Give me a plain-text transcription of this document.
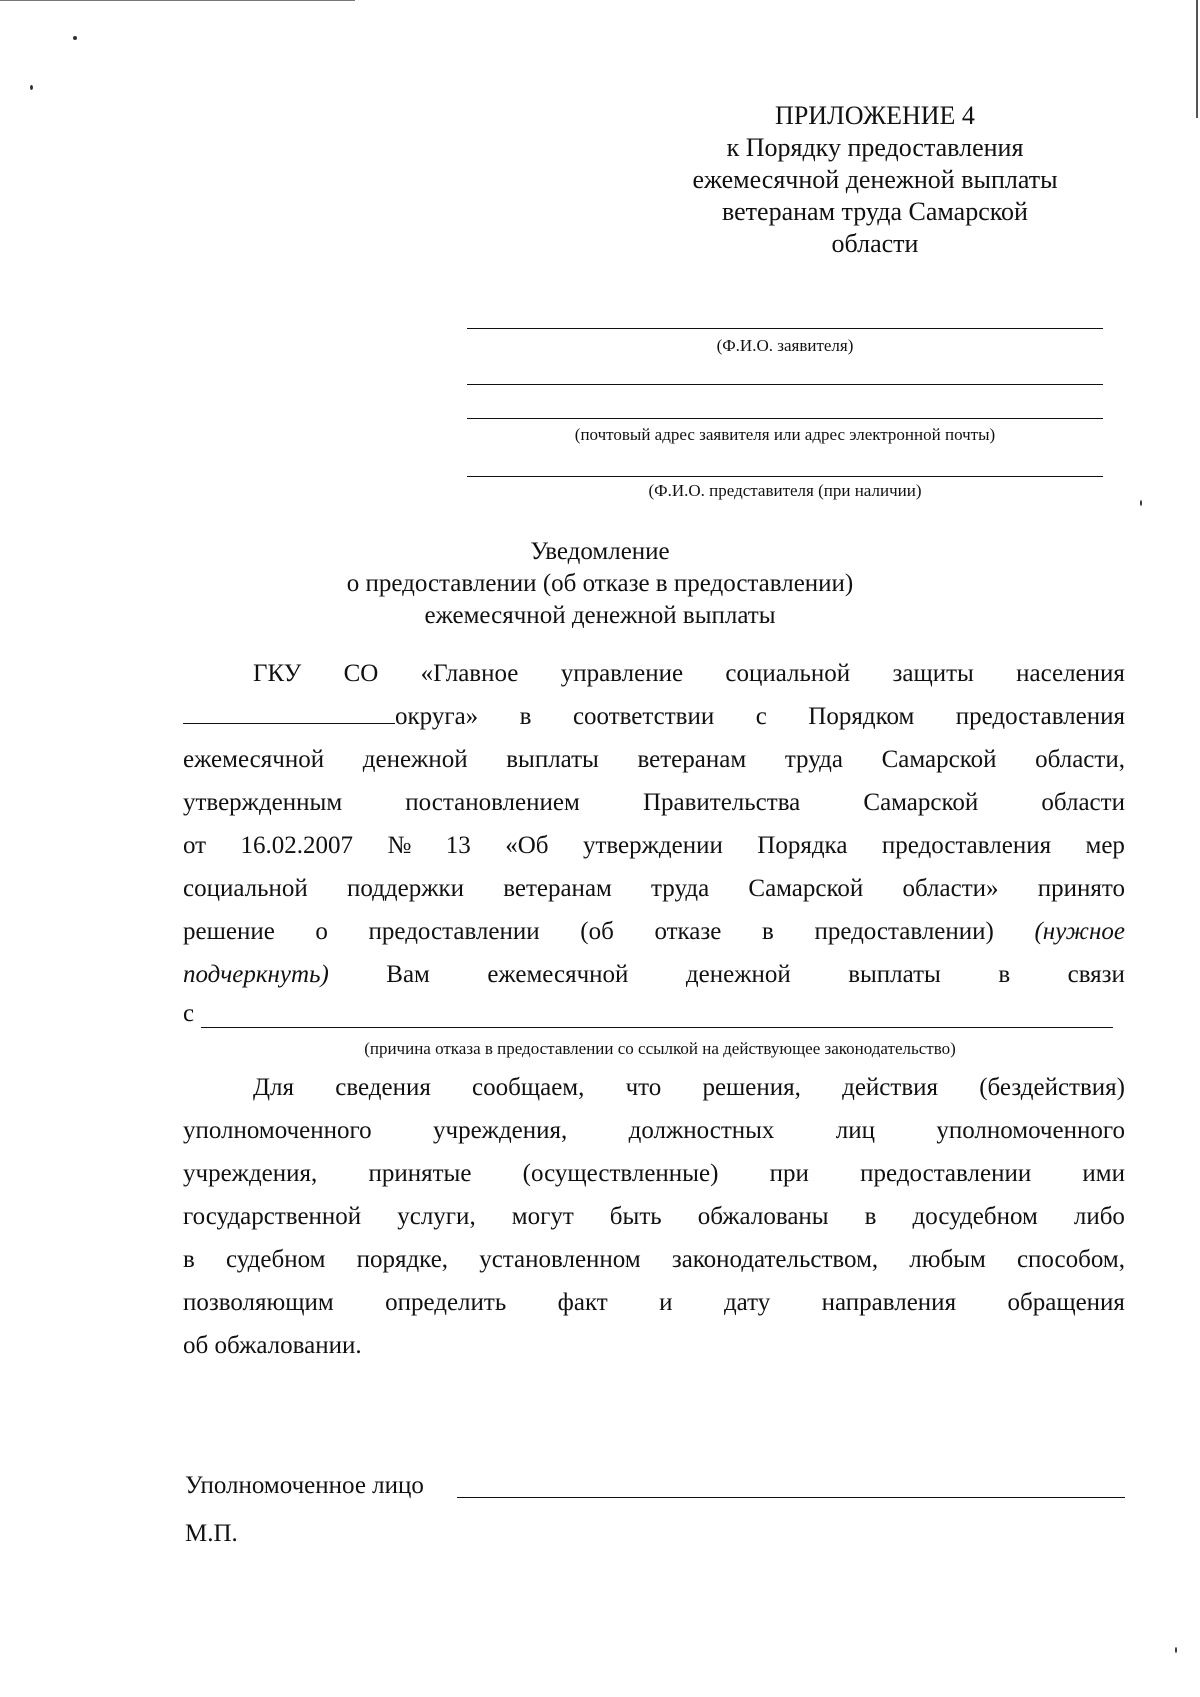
ПРИЛОЖЕНИЕ 4
к Порядку предоставления
ежемесячной денежной выплаты
ветеранам труда Самарской
области
(Ф.И.О. заявителя)
(почтовый адрес заявителя или адрес электронной почты)
(Ф.И.О. представителя (при наличии)
Уведомление
о предоставлении (об отказе в предоставлении)
ежемесячной денежной выплаты
ГКУ СО «Главное управление социальной защиты населения
округа» в соответствии с Порядком предоставления
ежемесячной денежной выплаты ветеранам труда Самарской области,
утвержденным	постановлением	Правительства	Самарской	области
от 16.02.2007 № 13 «Об утверждении Порядка предоставления мер
социальной поддержки ветеранам труда Самарской области» принято
решение о предоставлении (об отказе в предоставлении) (нужное
подчеркнуть) Вам ежемесячной денежной выплаты в связи
с
(причина отказа в предоставлении со ссылкой на действующее законодательство)
Для сведения сообщаем, что решения, действия (бездействия)
уполномоченного учреждения, должностных лиц уполномоченного
учреждения, принятые (осуществленные) при предоставлении ими
государственной услуги, могут быть обжалованы в досудебном либо
в судебном порядке, установленном законодательством, любым способом,
позволяющим определить факт и дату направления обращения
об обжаловании.
Уполномоченное лицо
М.П.
